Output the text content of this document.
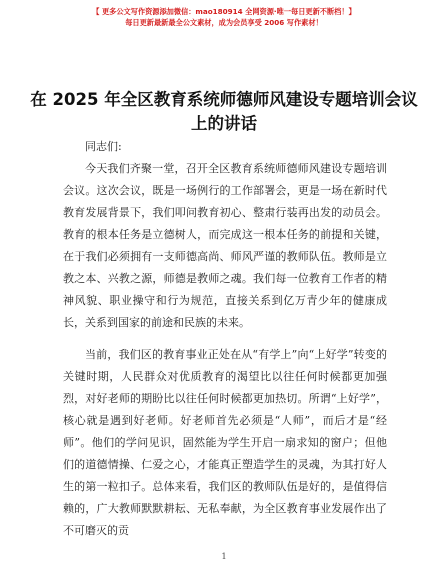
【 更多公文写作资源添加微信：mao180914 全网资源·唯一每日更新不断档！】
每日更新最新最全公文素材，成为会员享受 2006 写作素材！
在 2025 年全区教育系统师德师风建设专题培训会议上的讲话

同志们:

今天我们齐聚一堂，召开全区教育系统师德师风建设专题培训会议。这次会议，既是一场例行的工作部署会，更是一场在新时代教育发展背景下，我们叩问教育初心、整肃行装再出发的动员会。教育的根本任务是立德树人，而完成这一根本任务的前提和关键，在于我们必须拥有一支师德高尚、师风严谨的教师队伍。教师是立教之本、兴教之源，师德是教师之魂。我们每一位教育工作者的精神风貌、职业操守和行为规范，直接关系到亿万青少年的健康成长，关系到国家的前途和民族的未来。

当前，我们区的教育事业正处在从“有学上”向“上好学”转变的关键时期，人民群众对优质教育的渴望比以往任何时候都更加强烈，对好老师的期盼比以往任何时候都更加热切。所谓“上好学”，核心就是遇到好老师。好老师首先必须是“人师”，而后才是“经师”。他们的学问见识，固然能为学生开启一扇求知的窗户；但他们的道德情操、仁爱之心，才能真正塑造学生的灵魂，为其打好人生的第一粒扣子。总体来看，我们区的教师队伍是好的，是值得信赖的，广大教师默默耕耘、无私奉献，为全区教育事业发展作出了不可磨灭的贡

1
